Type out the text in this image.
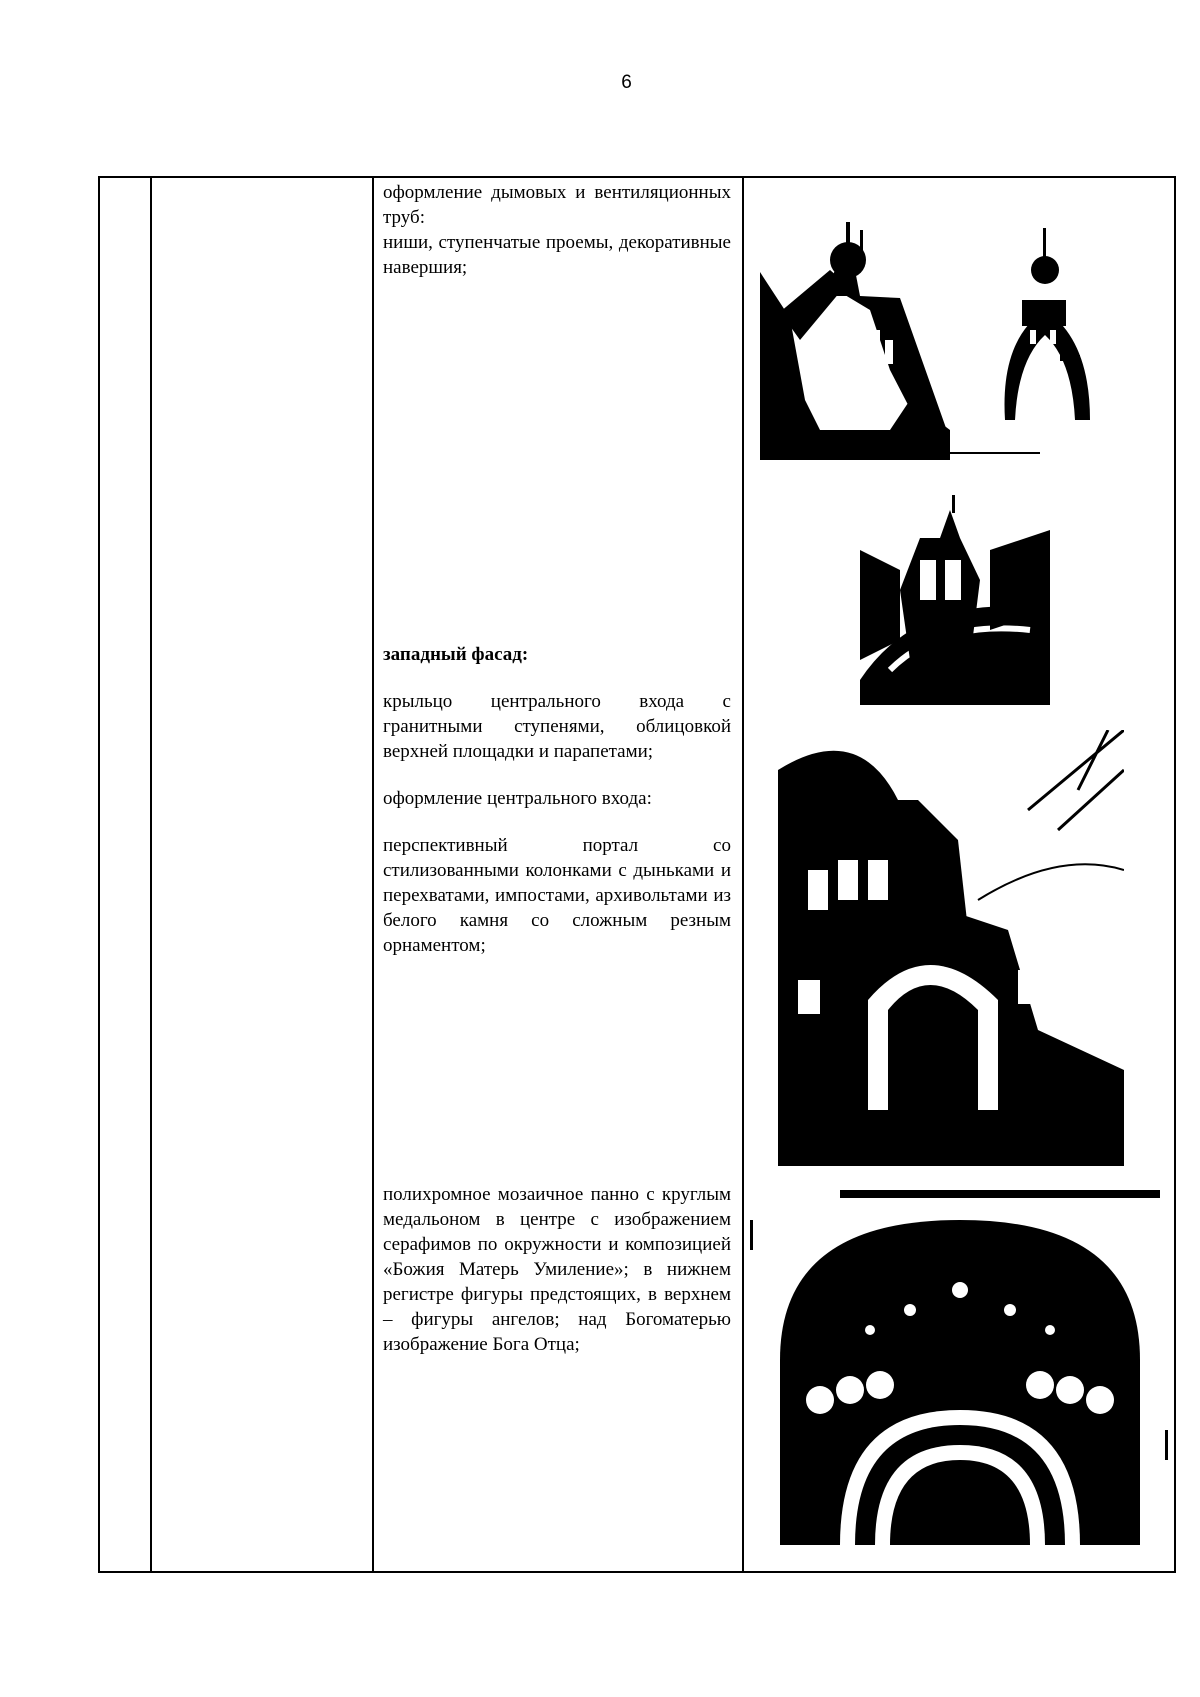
6

оформление дымовых и вентиляционных труб:

ниши, ступенчатые проемы, декоративные навершия;

западный фасад:

крыльцо центрального входа с гранитными ступенями, облицовкой верхней площадки и парапетами;

оформление центрального входа:

перспективный портал со стилизованными колонками с дыньками и перехватами, импостами, архивольтами из белого камня со сложным резным орнаментом;

полихромное мозаичное панно с круглым медальоном в центре с изображением серафимов по окружности и композицией «Божия Матерь Умиление»; в нижнем регистре фигуры предстоящих, в верхнем – фигуры ангелов; над Богоматерью изображение Бога Отца;
